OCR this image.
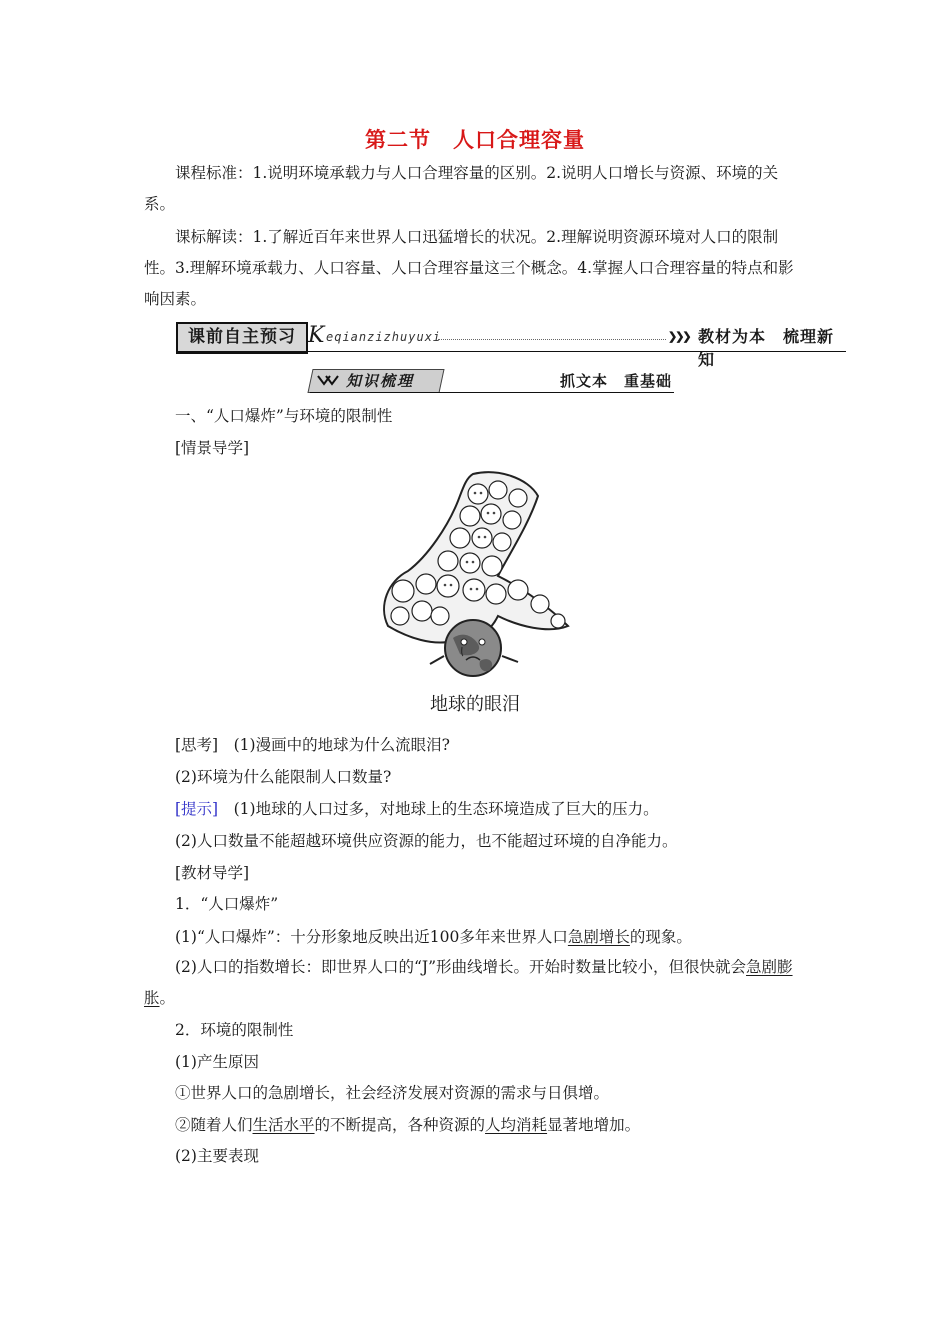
第二节　人口合理容量
课程标准：1.说明环境承载力与人口合理容量的区别。2.说明人口增长与资源、环境的关系。
课标解读：1.了解近百年来世界人口迅猛增长的状况。2.理解说明资源环境对人口的限制性。3.理解环境承载力、人口容量、人口合理容量这三个概念。4.掌握人口合理容量的特点和影响因素。
课前自主预习 K eqianzizhuyuxi	❯❯❯ 教材为本　梳理新知
知识梳理	抓文本　重基础
一、“人口爆炸”与环境的限制性
[情景导学]
地球的眼泪
[思考]　 (1)漫画中的地球为什么流眼泪?
(2)环境为什么能限制人口数量?
[提示]　 (1)地球的人口过多，对地球上的生态环境造成了巨大的压力。
(2)人口数量不能超越环境供应资源的能力，也不能超过环境的自净能力。
[教材导学]
1．“人口爆炸”
(1)“人口爆炸”：十分形象地反映出近100多年来世界人口急剧增长的现象。
(2)人口的指数增长：即世界人口的“J”形曲线增长。开始时数量比较小，但很快就会急剧膨胀。
2．环境的限制性
(1)产生原因
①世界人口的急剧增长，社会经济发展对资源的需求与日俱增。
②随着人们生活水平的不断提高，各种资源的人均消耗显著地增加。
(2)主要表现
